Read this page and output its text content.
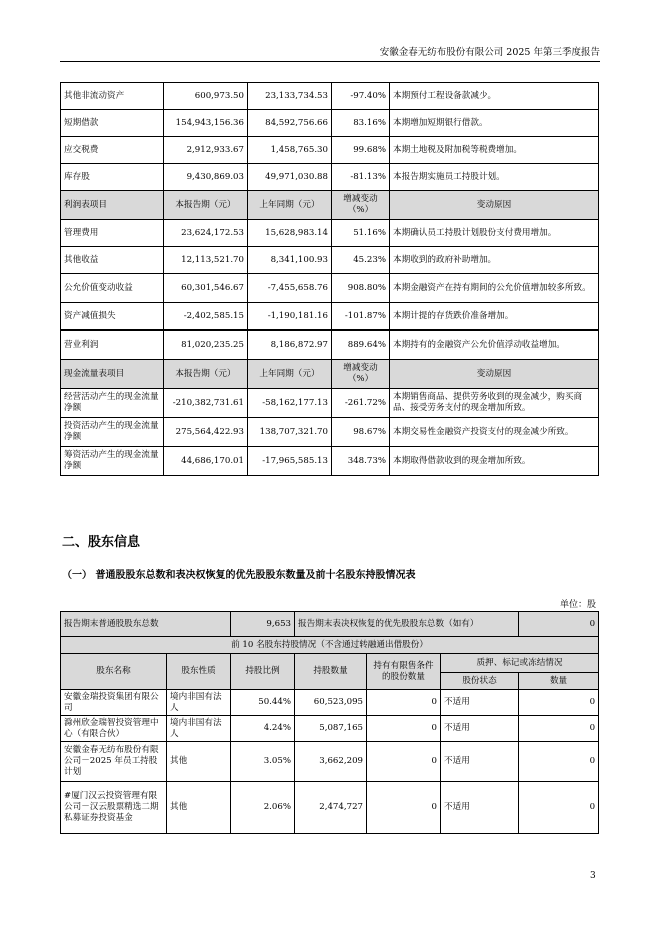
安徽金春无纺布股份有限公司 2025 年第三季度报告
其他非流动资产	600,973.50	23,133,734.53	-97.40%	本期预付工程设备款减少。
短期借款	154,943,156.36	84,592,756.66	83.16%	本期增加短期银行借款。
应交税费	2,912,933.67	1,458,765.30	99.68%	本期土地税及附加税等税费增加。
库存股	9,430,869.03	49,971,030.88	-81.13%	本报告期实施员工持股计划。
利润表项目	本报告期（元）	上年同期（元）	增减变动（%）	变动原因
管理费用	23,624,172.53	15,628,983.14	51.16%	本期确认员工持股计划股份支付费用增加。
其他收益	12,113,521.70	8,341,100.93	45.23%	本期收到的政府补助增加。
公允价值变动收益	60,301,546.67	-7,455,658.76	908.80%	本期金融资产在持有期间的公允价值增加较多所致。
资产减值损失	-2,402,585.15	-1,190,181.16	-101.87%	本期计提的存货跌价准备增加。
营业利润	81,020,235.25	8,186,872.97	889.64%	本期持有的金融资产公允价值浮动收益增加。
现金流量表项目	本报告期（元）	上年同期（元）	增减变动（%）	变动原因
经营活动产生的现金流量净额	-210,382,731.61	-58,162,177.13	-261.72%	本期销售商品、提供劳务收到的现金减少，购买商品、接受劳务支付的现金增加所致。
投资活动产生的现金流量净额	275,564,422.93	138,707,321.70	98.67%	本期交易性金融资产投资支付的现金减少所致。
筹资活动产生的现金流量净额	44,686,170.01	-17,965,585.13	348.73%	本期取得借款收到的现金增加所致。
二、股东信息
（一） 普通股股东总数和表决权恢复的优先股股东数量及前十名股东持股情况表
单位：股
报告期末普通股股东总数		9,653	报告期末表决权恢复的优先股股东总数（如有）			0
前 10 名股东持股情况（不含通过转融通出借股份）						
股东名称	股东性质	持股比例	持股数量	持有有限售条件的股份数量	质押、标记或冻结情况	
					股份状态	数量
安徽金瑞投资集团有限公司	境内非国有法人	50.44%	60,523,095	0	不适用	0
滁州欣金瑞智投资管理中心（有限合伙）	境内非国有法人	4.24%	5,087,165	0	不适用	0
安徽金春无纺布股份有限公司－2025 年员工持股计划	其他	3.05%	3,662,209	0	不适用	0
#厦门汉云投资管理有限公司－汉云股票精选二期私募证券投资基金	其他	2.06%	2,474,727	0	不适用	0
3
